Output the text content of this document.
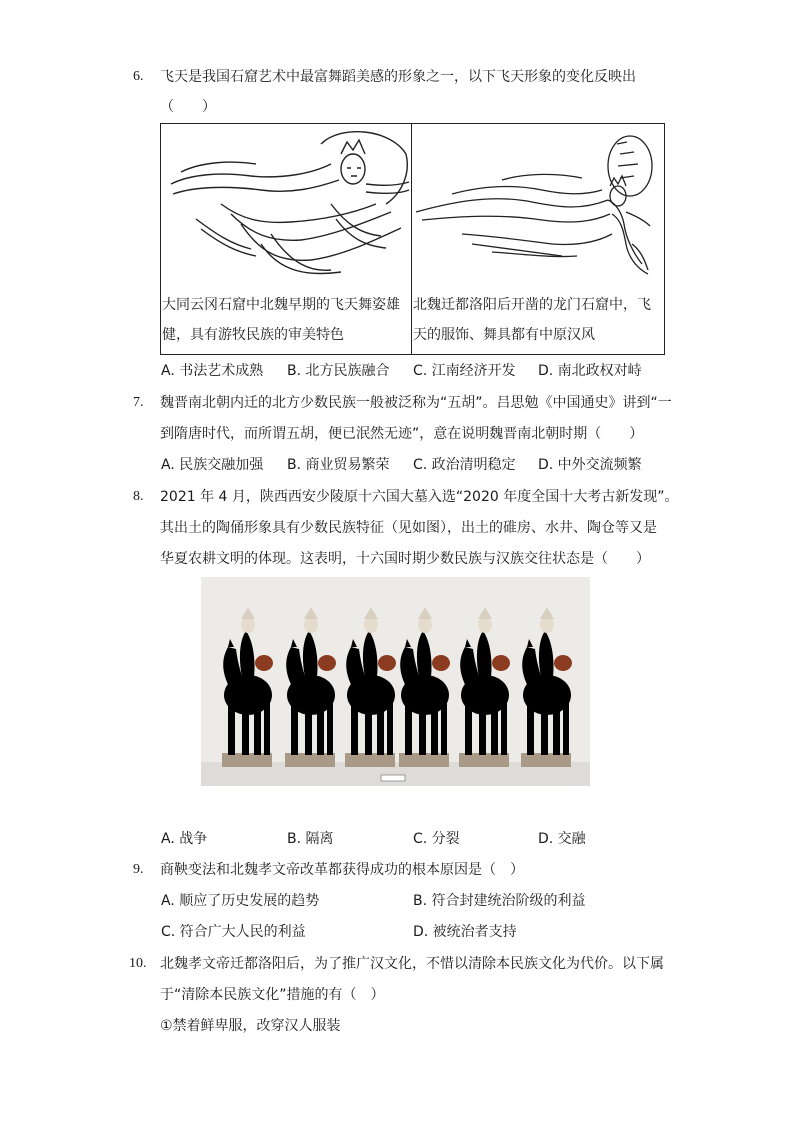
6. 飞天是我国石窟艺术中最富舞蹈美感的形象之一，以下飞天形象的变化反映出
（　　）
大同云冈石窟中北魏早期的飞天舞姿雄健，具有游牧民族的审美特色

北魏迁都洛阳后开凿的龙门石窟中，飞天的服饰、舞具都有中原汉风
A. 书法艺术成熟 B. 北方民族融合 C. 江南经济开发 D. 南北政权对峙
7. 魏晋南北朝内迁的北方少数民族一般被泛称为“五胡”。吕思勉《中国通史》讲到“一
到隋唐时代，而所谓五胡，便已泯然无迹”，意在说明魏晋南北朝时期（　　）
A. 民族交融加强 B. 商业贸易繁荣 C. 政治清明稳定 D. 中外交流频繁
8. 2021 年 4 月，陕西西安少陵原十六国大墓入选“2020 年度全国十大考古新发现”。
其出土的陶俑形象具有少数民族特征（见如图），出土的碓房、水井、陶仓等又是
华夏农耕文明的体现。这表明，十六国时期少数民族与汉族交往状态是（　　）
A. 战争	B. 隔离	C. 分裂	D. 交融
9. 商鞅变法和北魏孝文帝改革都获得成功的根本原因是（　）
A. 顺应了历史发展的趋势	B. 符合封建统治阶级的利益
C. 符合广大人民的利益	D. 被统治者支持
10. 北魏孝文帝迁都洛阳后，为了推广汉文化，不惜以清除本民族文化为代价。以下属
于“清除本民族文化”措施的有（　）
①禁着鲜卑服，改穿汉人服装
